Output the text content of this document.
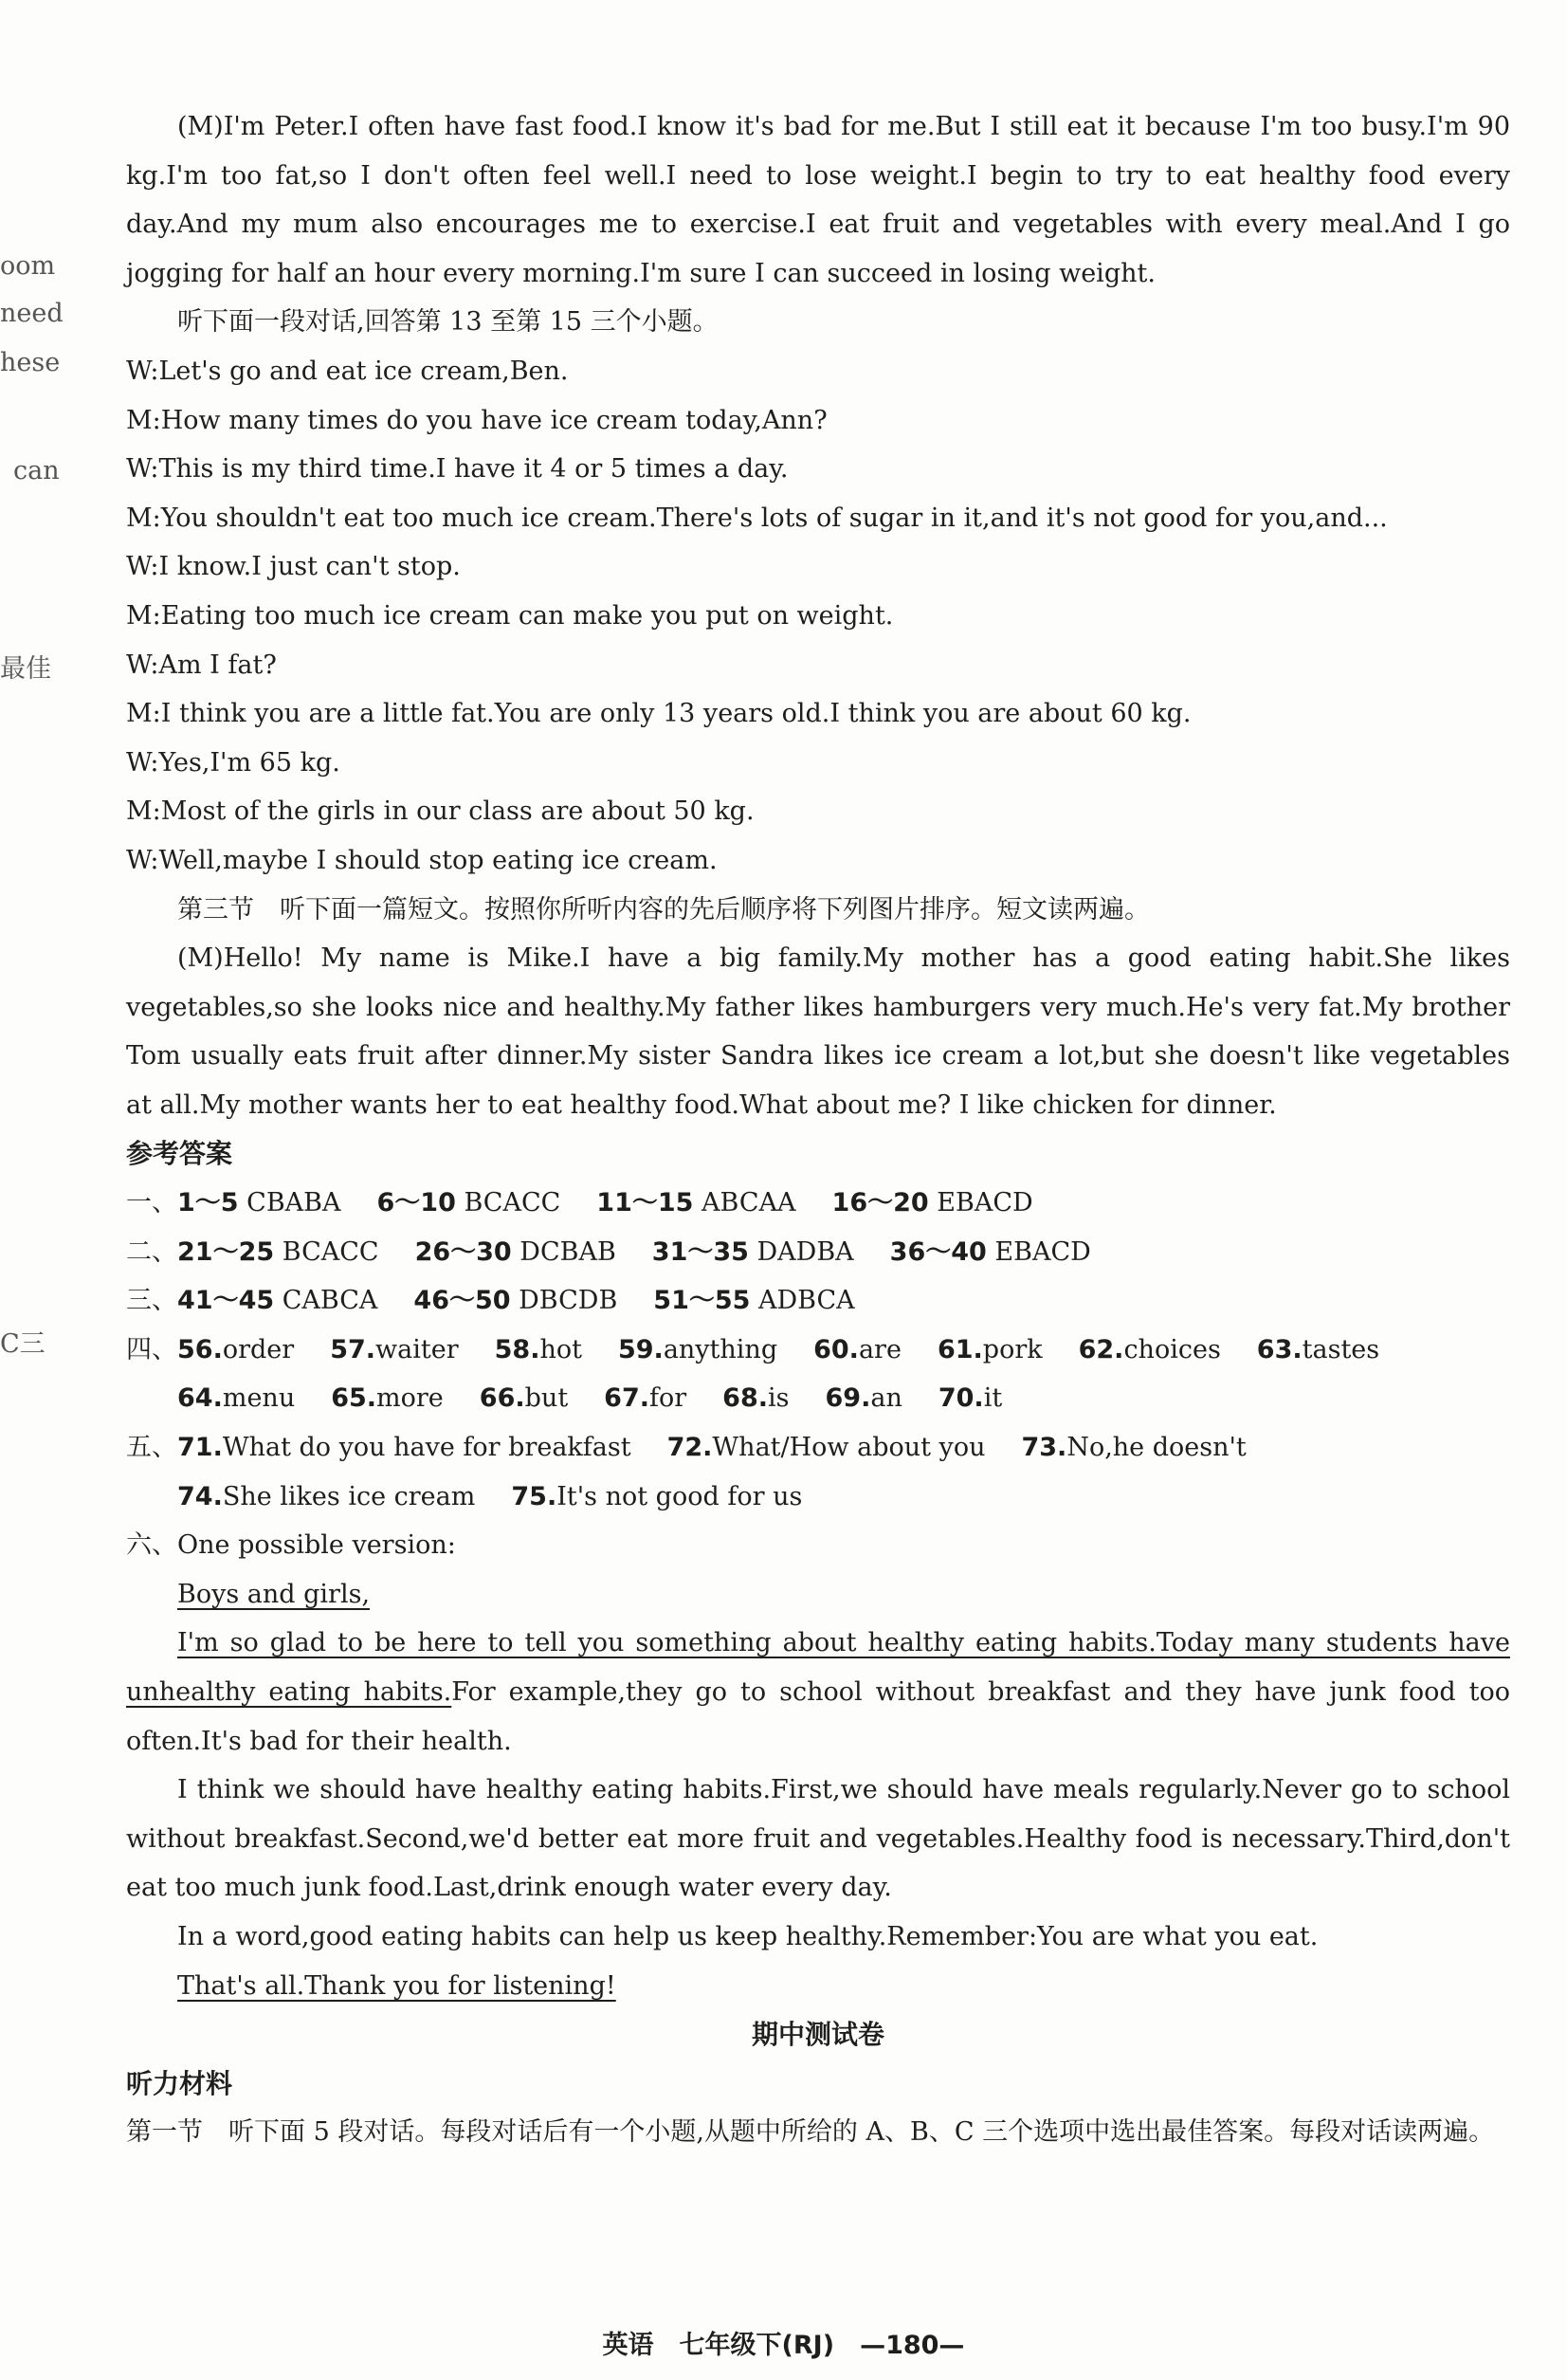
oom
need
hese
can
最佳
C三

(M)I'm Peter.I often have fast food.I know it's bad for me.But I still eat it because I'm too busy.I'm 90 kg.I'm too fat,so I don't often feel well.I need to lose weight.I begin to try to eat healthy food every day.And my mum also encourages me to exercise.I eat fruit and vegetables with every meal.And I go jogging for half an hour every morning.I'm sure I can succeed in losing weight.

听下面一段对话,回答第 13 至第 15 三个小题。

W:Let's go and eat ice cream,Ben.

M:How many times do you have ice cream today,Ann?

W:This is my third time.I have it 4 or 5 times a day.

M:You shouldn't eat too much ice cream.There's lots of sugar in it,and it's not good for you,and...

W:I know.I just can't stop.

M:Eating too much ice cream can make you put on weight.

W:Am I fat?

M:I think you are a little fat.You are only 13 years old.I think you are about 60 kg.

W:Yes,I'm 65 kg.

M:Most of the girls in our class are about 50 kg.

W:Well,maybe I should stop eating ice cream.

第三节　听下面一篇短文。按照你所听内容的先后顺序将下列图片排序。短文读两遍。

(M)Hello! My name is Mike.I have a big family.My mother has a good eating habit.She likes vegetables,so she looks nice and healthy.My father likes hamburgers very much.He's very fat.My brother Tom usually eats fruit after dinner.My sister Sandra likes ice cream a lot,but she doesn't like vegetables at all.My mother wants her to eat healthy food.What about me? I like chicken for dinner.

参考答案
一、1～5 CBABA 6～10 BCACC 11～15 ABCAA 16～20 EBACD
二、21～25 BCACC 26～30 DCBAB 31～35 DADBA 36～40 EBACD
三、41～45 CABCA 46～50 DBCDB 51～55 ADBCA
四、56.order 57.waiter 58.hot 59.anything 60.are 61.pork 62.choices 63.tastes
64.menu 65.more 66.but 67.for 68.is 69.an 70.it
五、71.What do you have for breakfast 72.What/How about you 73.No,he doesn't
74.She likes ice cream 75.It's not good for us

六、One possible version:

Boys and girls,

I'm so glad to be here to tell you something about healthy eating habits.Today many students have unhealthy eating habits.For example,they go to school without breakfast and they have junk food too often.It's bad for their health.

I think we should have healthy eating habits.First,we should have meals regularly.Never go to school without breakfast.Second,we'd better eat more fruit and vegetables.Healthy food is necessary.Third,don't eat too much junk food.Last,drink enough water every day.

In a word,good eating habits can help us keep healthy.Remember:You are what you eat.

That's all.Thank you for listening!

期中测试卷
听力材料

第一节　听下面 5 段对话。每段对话后有一个小题,从题中所给的 A、B、C 三个选项中选出最佳答案。每段对话读两遍。

英语　七年级下(RJ)　—180—
